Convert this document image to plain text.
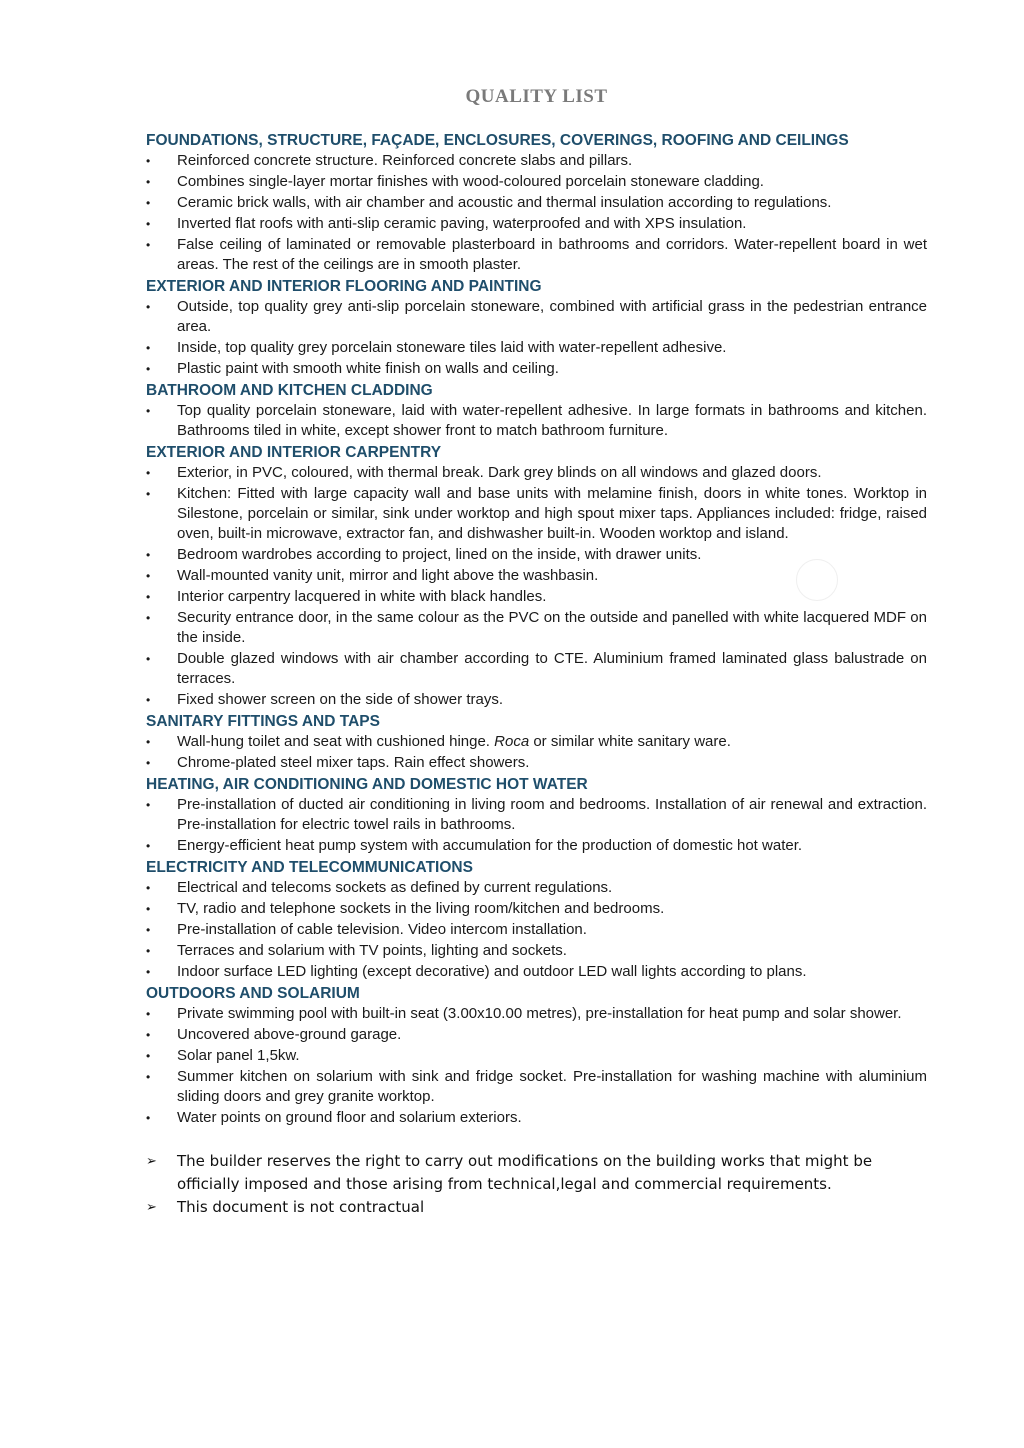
QUALITY LIST
FOUNDATIONS, STRUCTURE, FAÇADE, ENCLOSURES, COVERINGS, ROOFING AND CEILINGS
•	Reinforced concrete structure. Reinforced concrete slabs and pillars.
•	Combines single-layer mortar finishes with wood-coloured porcelain stoneware cladding.
•	Ceramic brick walls, with air chamber and acoustic and thermal insulation according to regulations.
•	Inverted flat roofs with anti-slip ceramic paving, waterproofed and with XPS insulation.
•	False ceiling of laminated or removable plasterboard in bathrooms and corridors. Water-repellent board in wet areas. The rest of the ceilings are in smooth plaster.
EXTERIOR AND INTERIOR FLOORING AND PAINTING
•	Outside, top quality grey anti-slip porcelain stoneware, combined with artificial grass in the pedestrian entrance area.
•	Inside, top quality grey porcelain stoneware tiles laid with water-repellent adhesive.
•	Plastic paint with smooth white finish on walls and ceiling.
BATHROOM AND KITCHEN CLADDING
•	Top quality porcelain stoneware, laid with water-repellent adhesive. In large formats in bathrooms and kitchen. Bathrooms tiled in white, except shower front to match bathroom furniture.
EXTERIOR AND INTERIOR CARPENTRY
•	Exterior, in PVC, coloured, with thermal break. Dark grey blinds on all windows and glazed doors.
•	Kitchen: Fitted with large capacity wall and base units with melamine finish, doors in white tones. Worktop in Silestone, porcelain or similar, sink under worktop and high spout mixer taps. Appliances included: fridge, raised oven, built-in microwave, extractor fan, and dishwasher built-in. Wooden worktop and island.
•	Bedroom wardrobes according to project, lined on the inside, with drawer units.
•	Wall-mounted vanity unit, mirror and light above the washbasin.
•	Interior carpentry lacquered in white with black handles.
•	Security entrance door, in the same colour as the PVC on the outside and panelled with white lacquered MDF on the inside.
•	Double glazed windows with air chamber according to CTE. Aluminium framed laminated glass balustrade on terraces.
•	Fixed shower screen on the side of shower trays.
SANITARY FITTINGS AND TAPS
•	Wall-hung toilet and seat with cushioned hinge. Roca or similar white sanitary ware.
•	Chrome-plated steel mixer taps. Rain effect showers.
HEATING, AIR CONDITIONING AND DOMESTIC HOT WATER
•	Pre-installation of ducted air conditioning in living room and bedrooms. Installation of air renewal and extraction. Pre-installation for electric towel rails in bathrooms.
•	Energy-efficient heat pump system with accumulation for the production of domestic hot water.
ELECTRICITY AND TELECOMMUNICATIONS
•	Electrical and telecoms sockets as defined by current regulations.
•	TV, radio and telephone sockets in the living room/kitchen and bedrooms.
•	Pre-installation of cable television. Video intercom installation.
•	Terraces and solarium with TV points, lighting and sockets.
•	Indoor surface LED lighting (except decorative) and outdoor LED wall lights according to plans.
OUTDOORS AND SOLARIUM
•	Private swimming pool with built-in seat (3.00x10.00 metres), pre-installation for heat pump and solar shower.
•	Uncovered above-ground garage.
•	Solar panel 1,5kw.
•	Summer kitchen on solarium with sink and fridge socket. Pre-installation for washing machine with aluminium sliding doors and grey granite worktop.
•	Water points on ground floor and solarium exteriors.
➢ The builder reserves the right to carry out modifications on the building works that might be officially imposed and those arising from technical,legal and commercial requirements.
➢ This document is not contractual
